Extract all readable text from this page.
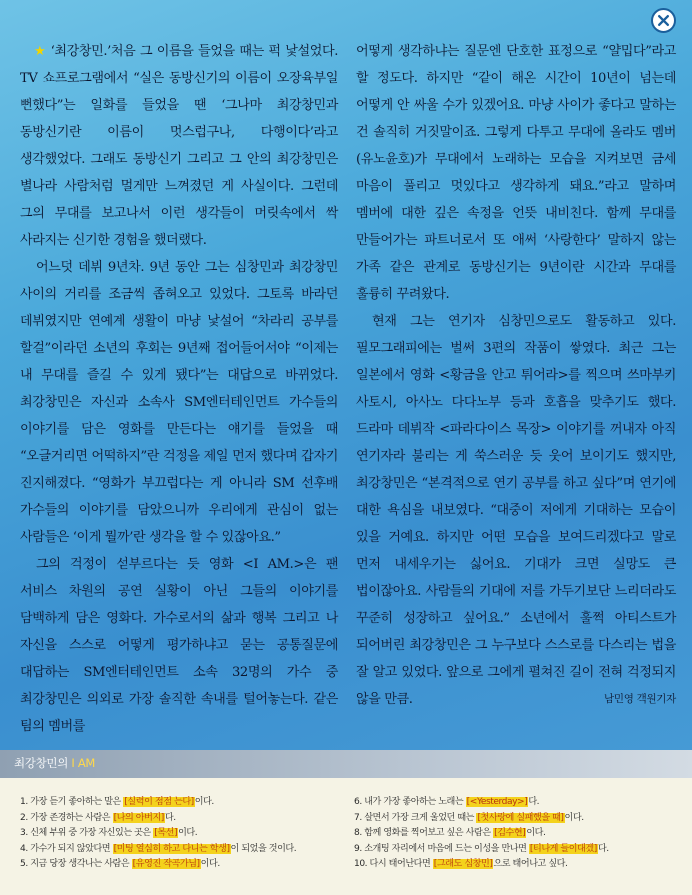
★ ‘최강창민.’처음 그 이름을 들었을 때는 퍽 낯설었다. TV 쇼프로그램에서 “실은 동방신기의 이름이 오장육부일 뻔했다”는 일화를 들었을 땐 ‘그나마 최강창민과 동방신기란 이름이 멋스럽구나, 다행이다’라고 생각했었다. 그래도 동방신기 그리고 그 안의 최강창민은 별나라 사람처럼 멀게만 느껴졌던 게 사실이다. 그런데 그의 무대를 보고나서 이런 생각들이 머릿속에서 싹 사라지는 신기한 경험을 했더랬다.

어느덧 데뷔 9년차. 9년 동안 그는 심창민과 최강창민 사이의 거리를 조금씩 좁혀오고 있었다. 그토록 바라던 데뷔였지만 연예계 생활이 마냥 낯설어 “차라리 공부를 할걸”이라던 소년의 후회는 9년째 접어들어서야 “이제는 내 무대를 즐길 수 있게 됐다”는 대답으로 바뀌었다. 최강창민은 자신과 소속사 SM엔터테인먼트 가수들의 이야기를 담은 영화를 만든다는 얘기를 들었을 때 “오글거리면 어떡하지”란 걱정을 제일 먼저 했다며 갑자기 진지해졌다. “영화가 부끄럽다는 게 아니라 SM 선후배 가수들의 이야기를 담았으니까 우리에게 관심이 없는 사람들은 ‘이게 뭘까’란 생각을 할 수 있잖아요.”

그의 걱정이 섣부르다는 듯 영화 <I AM.>은 팬 서비스 차원의 공연 실황이 아닌 그들의 이야기를 담백하게 담은 영화다. 가수로서의 삶과 행복 그리고 나 자신을 스스로 어떻게 평가하냐고 묻는 공통질문에 대답하는 SM엔터테인먼트 소속 32명의 가수 중 최강창민은 의외로 가장 솔직한 속내를 털어놓는다. 같은 팀의 멤버를

어떻게 생각하냐는 질문엔 단호한 표정으로 “얄밉다”라고 할 정도다. 하지만 “같이 해온 시간이 10년이 넘는데 어떻게 안 싸울 수가 있겠어요. 마냥 사이가 좋다고 말하는 건 솔직히 거짓말이죠. 그렇게 다투고 무대에 올라도 멤버(유노윤호)가 무대에서 노래하는 모습을 지켜보면 금세 마음이 풀리고 멋있다고 생각하게 돼요.”라고 말하며 멤버에 대한 깊은 속정을 언뜻 내비친다. 함께 무대를 만들어가는 파트너로서 또 애써 ‘사랑한다’ 말하지 않는 가족 같은 관계로 동방신기는 9년이란 시간과 무대를 훌륭히 꾸려왔다.

현재 그는 연기자 심창민으로도 활동하고 있다. 필모그래피에는 벌써 3편의 작품이 쌓였다. 최근 그는 일본에서 영화 <황금을 안고 튀어라>를 찍으며 쓰마부키 사토시, 아사노 다다노부 등과 호흡을 맞추기도 했다. 드라마 데뷔작 <파라다이스 목장> 이야기를 꺼내자 아직 연기자라 불리는 게 쑥스러운 듯 웃어 보이기도 했지만, 최강창민은 “본격적으로 연기 공부를 하고 싶다”며 연기에 대한 욕심을 내보였다. “대중이 저에게 기대하는 모습이 있을 거예요. 하지만 어떤 모습을 보여드리겠다고 말로 먼저 내세우기는 싫어요. 기대가 크면 실망도 큰 법이잖아요. 사람들의 기대에 저를 가두기보단 느리더라도 꾸준히 성장하고 싶어요.” 소년에서 훌쩍 아티스트가 되어버린 최강창민은 그 누구보다 스스로를 다스리는 법을 잘 알고 있었다. 앞으로 그에게 펼쳐진 길이 전혀 걱정되지 않을 만큼.	남민영 객원기자

최강창민의 I AM
1. 가장 듣기 좋아하는 말은 [실력이 점점 는다]이다.
2. 가장 존경하는 사람은 [나의 아버지]다.
3. 신체 부위 중 가장 자신있는 곳은 [목선]이다.
4. 가수가 되지 않았다면 [미팅 열심히 하고 다니는 학생]이 되었을 것이다.
5. 지금 당장 생각나는 사람은 [유영진 작곡가님]이다.
6. 내가 가장 좋아하는 노래는 [<Yesterday>]다.
7. 살면서 가장 크게 울었던 때는 [첫사랑에 실패했을 때]이다.
8. 함께 영화를 찍어보고 싶은 사람은 [김수현]이다.
9. 소개팅 자리에서 마음에 드는 이성을 만나면 [티나게 들이대겠]다.
10. 다시 태어난다면 [그래도 심창민]으로 태어나고 싶다.
